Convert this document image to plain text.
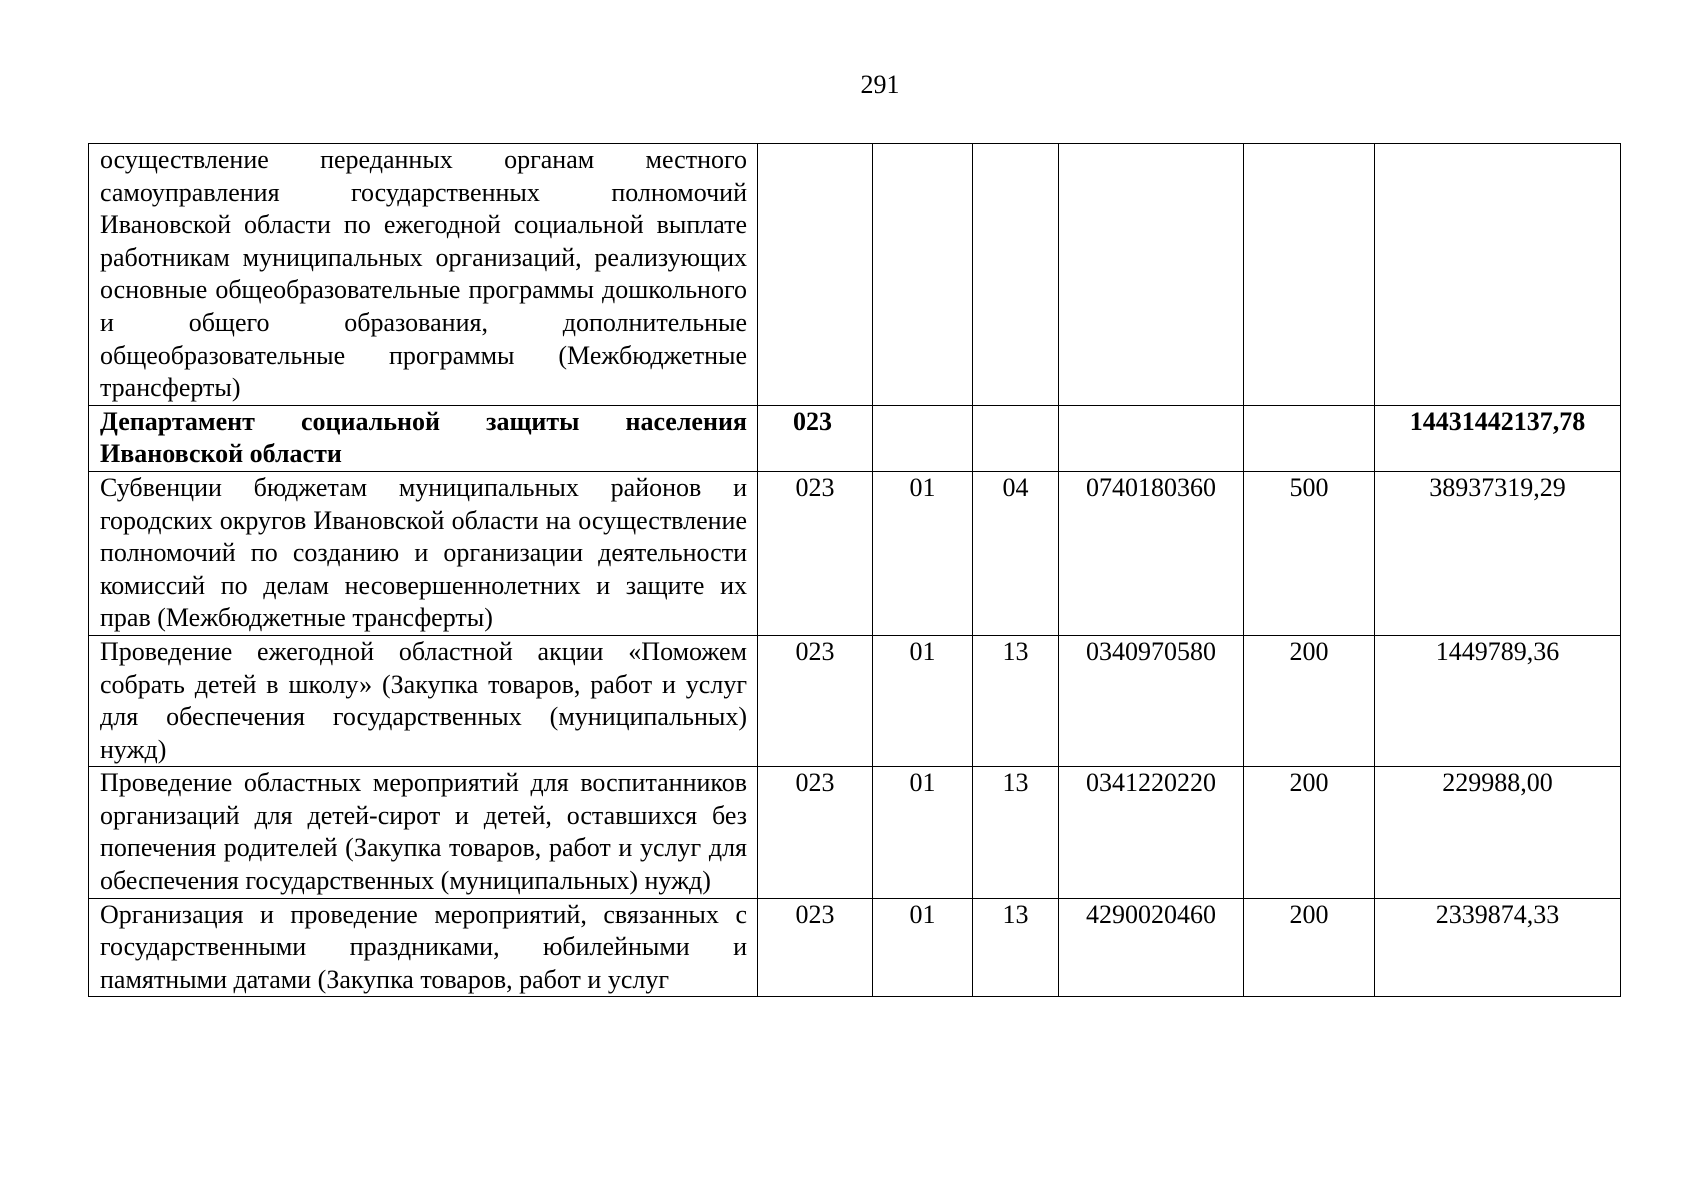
291
осуществление переданных органам местного самоуправления государственных полномочий Ивановской области по ежегодной социальной выплате работникам муниципальных организаций, реализующих основные общеобразовательные программы дошкольного и общего образования, дополнительные общеобразовательные программы (Межбюджетные трансферты)						
Департамент социальной защиты населения Ивановской области	023					14431442137,78
Субвенции бюджетам муниципальных районов и городских округов Ивановской области на осуществление полномочий по созданию и организации деятельности комиссий по делам несовершеннолетних и защите их прав (Межбюджетные трансферты)	023	01	04	0740180360	500	38937319,29
Проведение ежегодной областной акции «Поможем собрать детей в школу» (Закупка товаров, работ и услуг для обеспечения государственных (муниципальных) нужд)	023	01	13	0340970580	200	1449789,36
Проведение областных мероприятий для воспитанников организаций для детей-сирот и детей, оставшихся без попечения родителей (Закупка товаров, работ и услуг для обеспечения государственных (муниципальных) нужд)	023	01	13	0341220220	200	229988,00
Организация и проведение мероприятий, связанных с государственными праздниками, юбилейными и памятными датами (Закупка товаров, работ и услуг	023	01	13	4290020460	200	2339874,33
